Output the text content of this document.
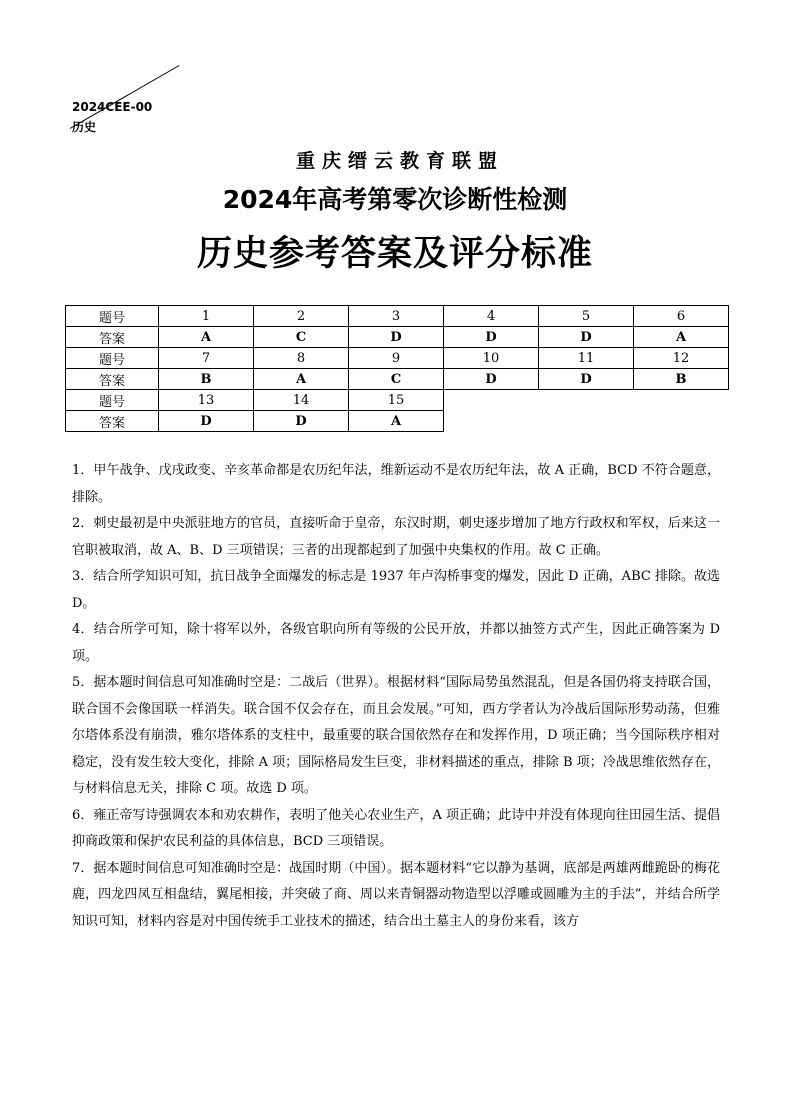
2024CEE-00
历史
重庆缙云教育联盟
2024年高考第零次诊断性检测
历史参考答案及评分标准
题号	1	2	3	4	5	6
答案	A	C	D	D	D	A
题号	7	8	9	10	11	12
答案	B	A	C	D	D	B
题号	13	14	15			
答案	D	D	A			

1．甲午战争、戊戌政变、辛亥革命都是农历纪年法，维新运动不是农历纪年法，故 A 正确，BCD 不符合题意，排除。

2．刺史最初是中央派驻地方的官员，直接听命于皇帝，东汉时期，刺史逐步增加了地方行政权和军权，后来这一官职被取消，故 A、B、D 三项错误；三者的出现都起到了加强中央集权的作用。故 C 正确。

3．结合所学知识可知，抗日战争全面爆发的标志是 1937 年卢沟桥事变的爆发，因此 D 正确，ABC 排除。故选 D。

4．结合所学可知，除十将军以外，各级官职向所有等级的公民开放，并都以抽签方式产生，因此正确答案为 D 项。

5．据本题时间信息可知准确时空是：二战后（世界）。根据材料“国际局势虽然混乱，但是各国仍将支持联合国，联合国不会像国联一样消失。联合国不仅会存在，而且会发展。”可知，西方学者认为冷战后国际形势动荡，但雅尔塔体系没有崩溃，雅尔塔体系的支柱中，最重要的联合国依然存在和发挥作用，D 项正确；当今国际秩序相对稳定，没有发生较大变化，排除 A 项；国际格局发生巨变，非材料描述的重点，排除 B 项；冷战思维依然存在，与材料信息无关，排除 C 项。故选 D 项。

6．雍正帝写诗强调农本和劝农耕作，表明了他关心农业生产，A 项正确；此诗中并没有体现向往田园生活、提倡抑商政策和保护农民利益的具体信息，BCD 三项错误。

7．据本题时间信息可知准确时空是：战国时期（中国）。据本题材料“它以静为基调，底部是两雄两雌跪卧的梅花鹿，四龙四凤互相盘结，翼尾相接，并突破了商、周以来青铜器动物造型以浮雕或圆雕为主的手法”，并结合所学知识可知，材料内容是对中国传统手工业技术的描述，结合出土墓主人的身份来看，该方
